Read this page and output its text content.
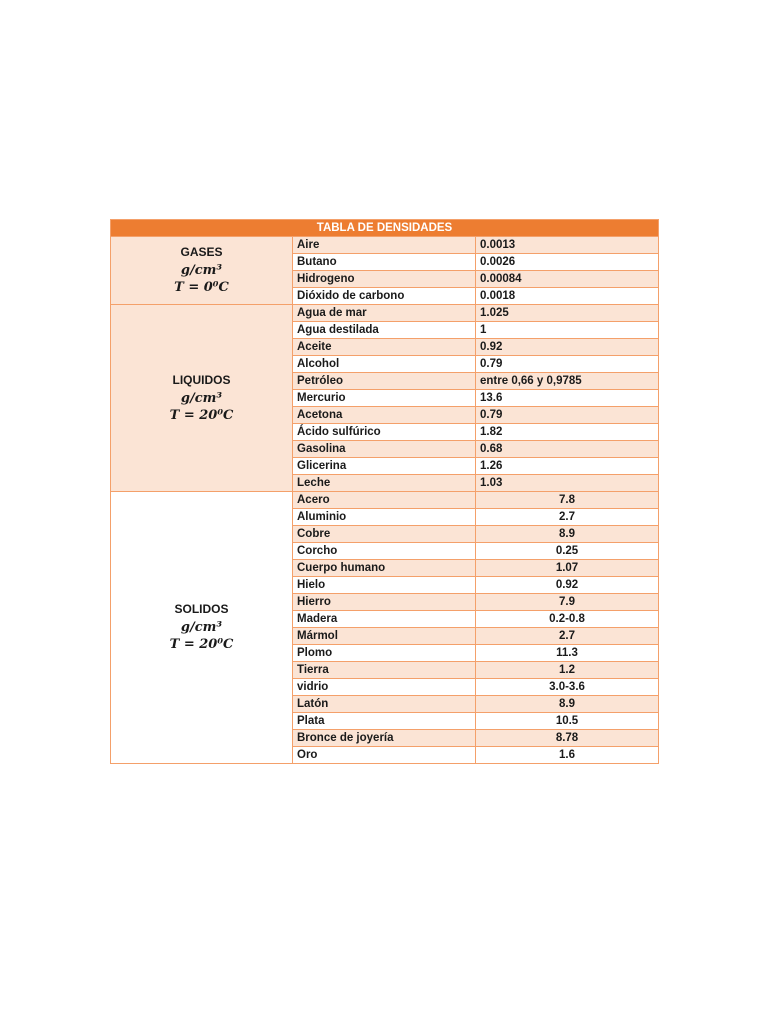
TABLA DE DENSIDADES		

GASES
g/cm³
T = 0⁰C	Aire	0.0013
	Butano	0.0026
	Hidrogeno	0.00084
	Dióxido de carbono	0.0018

LIQUIDOS
g/cm³
T = 20⁰C	Agua de mar	1.025
	Agua destilada	1
	Aceite	0.92
	Alcohol	0.79
	Petróleo	entre 0,66 y 0,9785
	Mercurio	13.6
	Acetona	0.79
	Ácido sulfúrico	1.82
	Gasolina	0.68
	Glicerina	1.26
	Leche	1.03

SOLIDOS
g/cm³
T = 20⁰C	Acero	7.8
	Aluminio	2.7
	Cobre	8.9
	Corcho	0.25
	Cuerpo humano	1.07
	Hielo	0.92
	Hierro	7.9
	Madera	0.2-0.8
	Mármol	2.7
	Plomo	11.3
	Tierra	1.2
	vidrio	3.0-3.6
	Latón	8.9
	Plata	10.5
	Bronce de joyería	8.78
	Oro	1.6
